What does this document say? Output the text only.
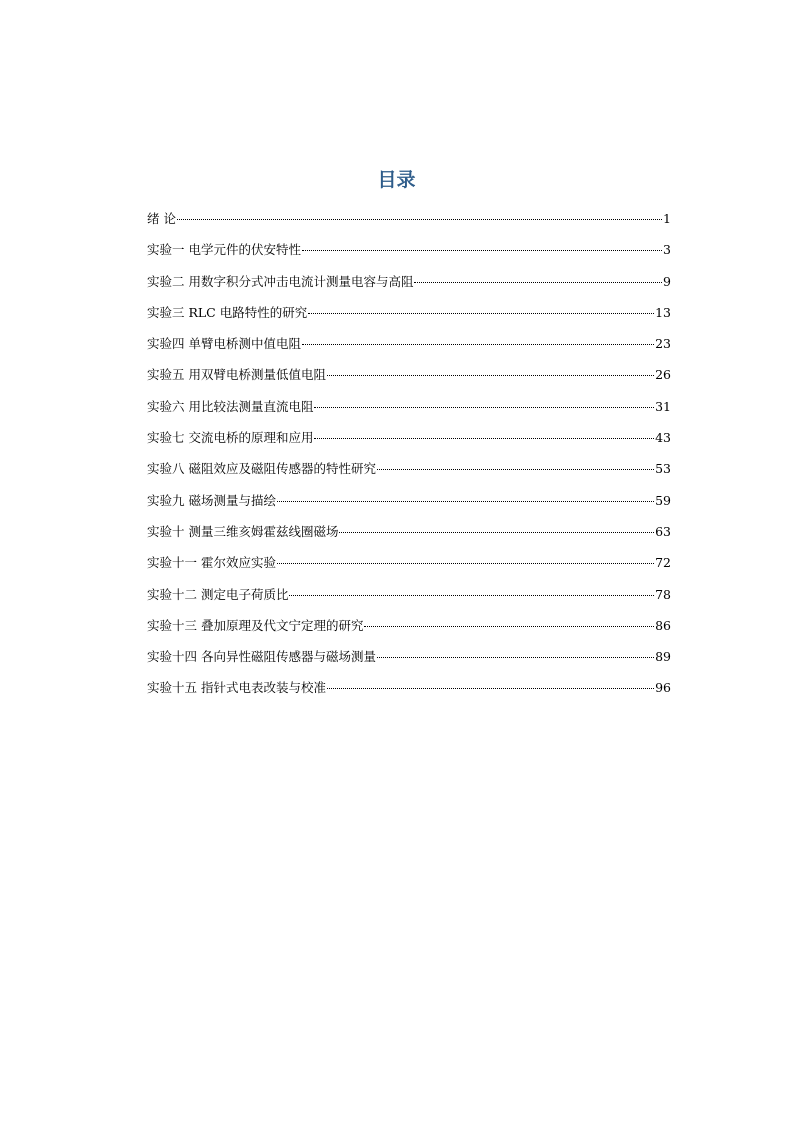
目录
绪 论	1
实验一 电学元件的伏安特性	3
实验二 用数字积分式冲击电流计测量电容与高阻	9
实验三 RLC 电路特性的研究	13
实验四 单臂电桥测中值电阻	23
实验五 用双臂电桥测量低值电阻	26
实验六 用比较法测量直流电阻	31
实验七 交流电桥的原理和应用	43
实验八 磁阻效应及磁阻传感器的特性研究	53
实验九 磁场测量与描绘	59
实验十 测量三维亥姆霍兹线圈磁场	63
实验十一 霍尔效应实验	72
实验十二 测定电子荷质比	78
实验十三 叠加原理及代文宁定理的研究	86
实验十四 各向异性磁阻传感器与磁场测量	89
实验十五 指针式电表改装与校准	96
